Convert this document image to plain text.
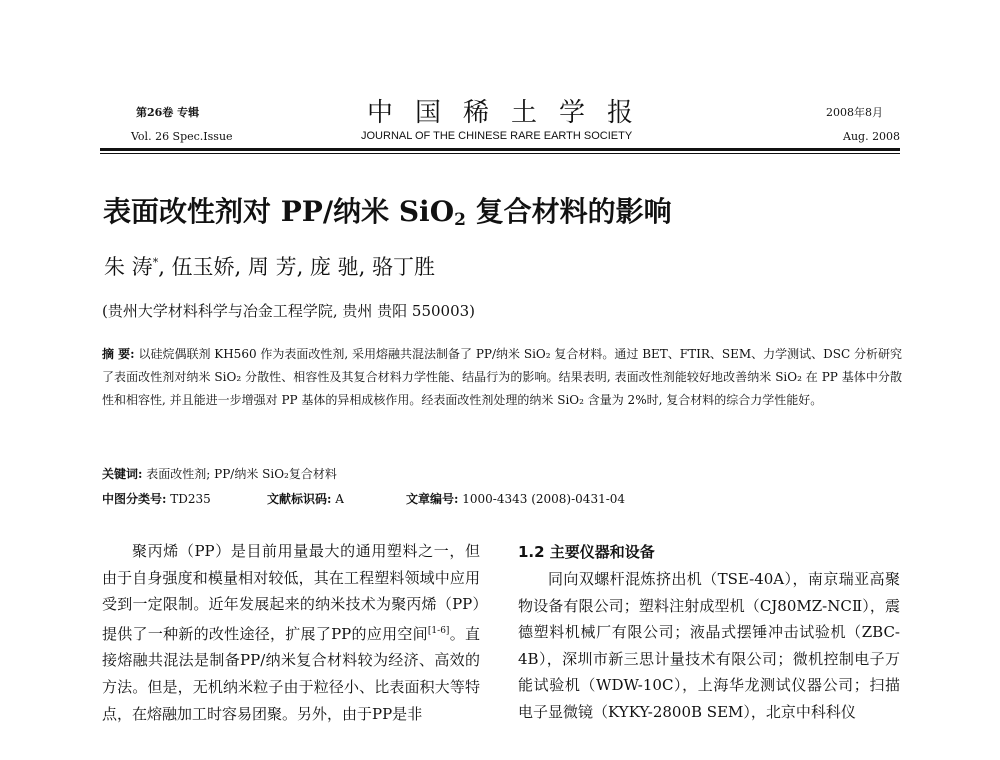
第26卷 专辑
Vol. 26 Spec.Issue
中国稀土学报
JOURNAL OF THE CHINESE RARE EARTH SOCIETY
2008年8月
Aug. 2008
表面改性剂对 PP/纳米 SiO$_2$ 复合材料的影响
朱 涛*, 伍玉娇, 周 芳, 庞 驰, 骆丁胜
(贵州大学材料科学与冶金工程学院, 贵州 贵阳 550003)
摘 要: 以硅烷偶联剂 KH560 作为表面改性剂, 采用熔融共混法制备了 PP/纳米 SiO₂ 复合材料。通过 BET、FTIR、SEM、力学测试、DSC 分析研究了表面改性剂对纳米 SiO₂ 分散性、相容性及其复合材料力学性能、结晶行为的影响。结果表明, 表面改性剂能较好地改善纳米 SiO₂ 在 PP 基体中分散性和相容性, 并且能进一步增强对 PP 基体的异相成核作用。经表面改性剂处理的纳米 SiO₂ 含量为 2%时, 复合材料的综合力学性能好。
关键词: 表面改性剂; PP/纳米 SiO₂复合材料
中图分类号: TD235	文献标识码: A	文章编号: 1000-4343 (2008)-0431-04

聚丙烯（PP）是目前用量最大的通用塑料之一，但由于自身强度和模量相对较低，其在工程塑料领域中应用受到一定限制。近年发展起来的纳米技术为聚丙烯（PP）提供了一种新的改性途径，扩展了PP的应用空间[1-6]。直接熔融共混法是制备PP/纳米复合材料较为经济、高效的方法。但是，无机纳米粒子由于粒径小、比表面积大等特点，在熔融加工时容易团聚。另外，由于PP是非

1.2 主要仪器和设备

同向双螺杆混炼挤出机（TSE-40A），南京瑞亚高聚物设备有限公司；塑料注射成型机（CJ80MZ-NCⅡ），震德塑料机械厂有限公司；液晶式摆锤冲击试验机（ZBC-4B），深圳市新三思计量技术有限公司；微机控制电子万能试验机（WDW-10C），上海华龙测试仪器公司；扫描电子显微镜（KYKY-2800B SEM），北京中科科仪
